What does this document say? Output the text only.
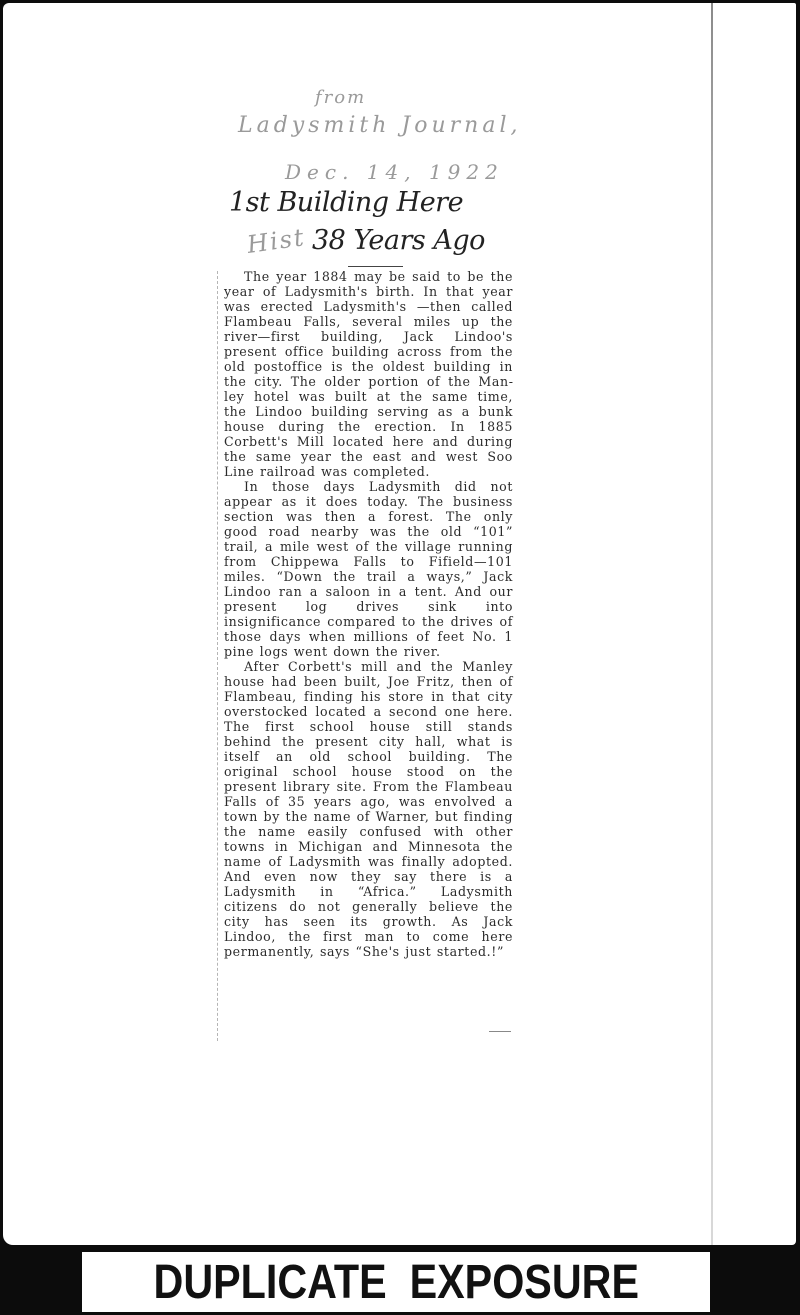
from
Ladysmith Journal,
Dec. 14, 1922
Hist
1st Building Here
38 Years Ago

The year 1884 may be said to be the year of Ladysmith's birth. In that year was erected Ladysmith's —then called Flambeau Falls, several miles up the river—first building, Jack Lindoo's present office building across from the old postoffice is the oldest building in the city. The older portion of the Manley hotel was built at the same time, the Lindoo building serving as a bunk house during the erection. In 1885 Corbett's Mill located here and during the same year the east and west Soo Line railroad was completed.

In those days Ladysmith did not appear as it does today. The business section was then a forest. The only good road nearby was the old “101” trail, a mile west of the village running from Chippewa Falls to Fifield—101 miles. “Down the trail a ways,” Jack Lindoo ran a saloon in a tent. And our present log drives sink into insignificance compared to the drives of those days when millions of feet No. 1 pine logs went down the river.

After Corbett's mill and the Manley house had been built, Joe Fritz, then of Flambeau, finding his store in that city overstocked located a second one here. The first school house still stands behind the present city hall, what is itself an old school building. The original school house stood on the present library site. From the Flambeau Falls of 35 years ago, was envolved a town by the name of Warner, but finding the name easily confused with other towns in Michigan and Minnesota the name of Ladysmith was finally adopted. And even now they say there is a Ladysmith in “Africa.” Ladysmith citizens do not generally believe the city has seen its growth. As Jack Lindoo, the first man to come here permanently, says “She's just started.!”

DUPLICATE  EXPOSURE
